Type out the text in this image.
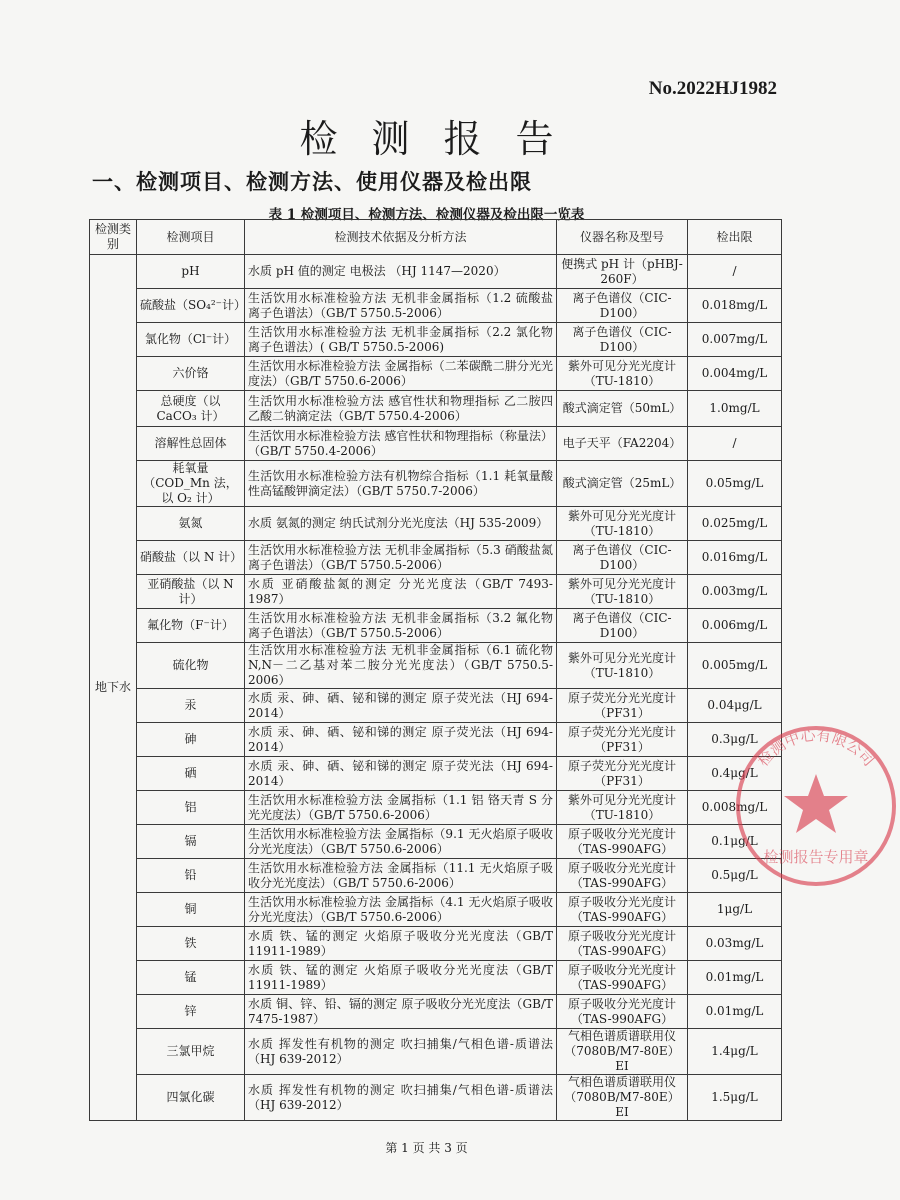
No.2022HJ1982
检测报告
一、检测项目、检测方法、使用仪器及检出限
表 1 检测项目、检测方法、检测仪器及检出限一览表
检测类别	检测项目	检测技术依据及分析方法	仪器名称及型号	检出限
地下水	pH	水质 pH 值的测定 电极法 （HJ 1147—2020）	便携式 pH 计（pHBJ-260F）	/
	硫酸盐（SO₄²⁻计）	生活饮用水标准检验方法 无机非金属指标（1.2 硫酸盐 离子色谱法）（GB/T 5750.5-2006）	离子色谱仪（CIC-D100）	0.018mg/L
	氯化物（Cl⁻计）	生活饮用水标准检验方法 无机非金属指标（2.2 氯化物 离子色谱法）( GB/T 5750.5-2006)	离子色谱仪（CIC-D100）	0.007mg/L
	六价铬	生活饮用水标准检验方法 金属指标（二苯碳酰二肼分光光度法）（GB/T 5750.6-2006）	紫外可见分光光度计（TU-1810）	0.004mg/L
	总硬度（以 CaCO₃ 计）	生活饮用水标准检验方法 感官性状和物理指标 乙二胺四乙酸二钠滴定法（GB/T 5750.4-2006）	酸式滴定管（50mL）	1.0mg/L
	溶解性总固体	生活饮用水标准检验方法 感官性状和物理指标（称量法）（GB/T 5750.4-2006）	电子天平（FA2204）	/
	耗氧量（COD_Mn 法，以 O₂ 计）	生活饮用水标准检验方法有机物综合指标（1.1 耗氧量酸性高锰酸钾滴定法）（GB/T 5750.7-2006）	酸式滴定管（25mL）	0.05mg/L
	氨氮	水质 氨氮的测定 纳氏试剂分光光度法（HJ 535-2009）	紫外可见分光光度计（TU-1810）	0.025mg/L
	硝酸盐（以 N 计）	生活饮用水标准检验方法 无机非金属指标（5.3 硝酸盐氮 离子色谱法）（GB/T 5750.5-2006）	离子色谱仪（CIC-D100）	0.016mg/L
	亚硝酸盐（以 N 计）	水质 亚硝酸盐氮的测定 分光光度法（GB/T 7493-1987）	紫外可见分光光度计（TU-1810）	0.003mg/L
	氟化物（F⁻计）	生活饮用水标准检验方法 无机非金属指标（3.2 氟化物 离子色谱法）（GB/T 5750.5-2006）	离子色谱仪（CIC-D100）	0.006mg/L
	硫化物	生活饮用水标准检验方法 无机非金属指标（6.1 硫化物 N,N－二乙基对苯二胺分光光度法）（GB/T 5750.5-2006）	紫外可见分光光度计（TU-1810）	0.005mg/L
	汞	水质 汞、砷、硒、铋和锑的测定 原子荧光法（HJ 694-2014）	原子荧光分光光度计（PF31）	0.04μg/L
	砷	水质 汞、砷、硒、铋和锑的测定 原子荧光法（HJ 694-2014）	原子荧光分光光度计（PF31）	0.3μg/L
	硒	水质 汞、砷、硒、铋和锑的测定 原子荧光法（HJ 694-2014）	原子荧光分光光度计（PF31）	0.4μg/L
	铝	生活饮用水标准检验方法 金属指标（1.1 铝 铬天青 S 分光光度法）（GB/T 5750.6-2006）	紫外可见分光光度计（TU-1810）	0.008mg/L
	镉	生活饮用水标准检验方法 金属指标（9.1 无火焰原子吸收分光光度法）（GB/T 5750.6-2006）	原子吸收分光光度计（TAS-990AFG）	0.1μg/L
	铅	生活饮用水标准检验方法 金属指标（11.1 无火焰原子吸收分光光度法）（GB/T 5750.6-2006）	原子吸收分光光度计（TAS-990AFG）	0.5μg/L
	铜	生活饮用水标准检验方法 金属指标（4.1 无火焰原子吸收分光光度法）（GB/T 5750.6-2006）	原子吸收分光光度计（TAS-990AFG）	1μg/L
	铁	水质 铁、锰的测定 火焰原子吸收分光光度法（GB/T 11911-1989）	原子吸收分光光度计（TAS-990AFG）	0.03mg/L
	锰	水质 铁、锰的测定 火焰原子吸收分光光度法（GB/T 11911-1989）	原子吸收分光光度计（TAS-990AFG）	0.01mg/L
	锌	水质 铜、锌、铅、镉的测定 原子吸收分光光度法（GB/T 7475-1987）	原子吸收分光光度计（TAS-990AFG）	0.01mg/L
	三氯甲烷	水质 挥发性有机物的测定 吹扫捕集/气相色谱-质谱法（HJ 639-2012）	气相色谱质谱联用仪（7080B/M7-80E）EI	1.4μg/L
	四氯化碳	水质 挥发性有机物的测定 吹扫捕集/气相色谱-质谱法（HJ 639-2012）	气相色谱质谱联用仪（7080B/M7-80E）EI	1.5μg/L
检测中心有限公司
检测报告专用章
第 1 页 共 3 页
